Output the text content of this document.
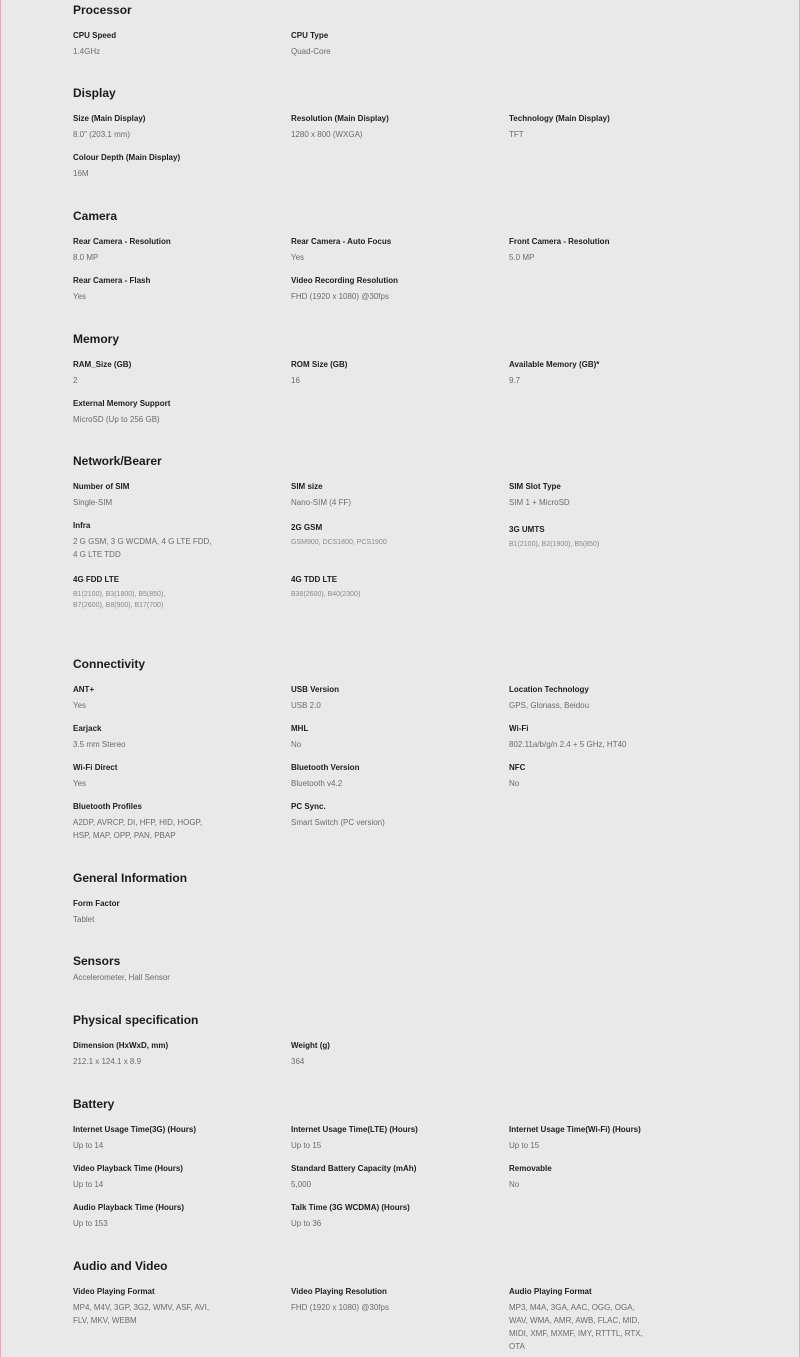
Processor
CPU Speed
1.4GHz
CPU Type
Quad-Core
Display
Size (Main Display)
8.0" (203.1 mm)
Resolution (Main Display)
1280 x 800 (WXGA)
Technology (Main Display)
TFT
Colour Depth (Main Display)
16M
Camera
Rear Camera - Resolution
8.0 MP
Rear Camera - Auto Focus
Yes
Front Camera - Resolution
5.0 MP
Rear Camera - Flash
Yes
Video Recording Resolution
FHD (1920 x 1080) @30fps
Memory
RAM_Size (GB)
2
ROM Size (GB)
16
Available Memory (GB)*
9.7
External Memory Support
MicroSD (Up to 256 GB)
Network/Bearer
Number of SIM
Single-SIM
SIM size
Nano-SIM (4 FF)
SIM Slot Type
SIM 1 + MicroSD
Infra
2 G GSM, 3 G WCDMA, 4 G LTE FDD, 4 G LTE TDD
2G GSM
GSM900, DCS1800, PCS1900
3G UMTS
B1(2100), B2(1900), B5(850)
4G FDD LTE
B1(2100), B3(1800), B5(850), B7(2600), B8(900), B17(700)
4G TDD LTE
B38(2600), B40(2300)
Connectivity
ANT+
Yes
USB Version
USB 2.0
Location Technology
GPS, Glonass, Beidou
Earjack
3.5 mm Stereo
MHL
No
Wi-Fi
802.11a/b/g/n 2.4 + 5 GHz, HT40
Wi-Fi Direct
Yes
Bluetooth Version
Bluetooth v4.2
NFC
No
Bluetooth Profiles
A2DP, AVRCP, DI, HFP, HID, HOGP, HSP, MAP, OPP, PAN, PBAP
PC Sync.
Smart Switch (PC version)
General Information
Form Factor
Tablet
Sensors
Accelerometer, Hall Sensor
Physical specification
Dimension (HxWxD, mm)
212.1 x 124.1 x 8.9
Weight (g)
364
Battery
Internet Usage Time(3G) (Hours)
Up to 14
Internet Usage Time(LTE) (Hours)
Up to 15
Internet Usage Time(Wi-Fi) (Hours)
Up to 15
Video Playback Time (Hours)
Up to 14
Standard Battery Capacity (mAh)
5,000
Removable
No
Audio Playback Time (Hours)
Up to 153
Talk Time (3G WCDMA) (Hours)
Up to 36
Audio and Video
Video Playing Format
MP4, M4V, 3GP, 3G2, WMV, ASF, AVI, FLV, MKV, WEBM
Video Playing Resolution
FHD (1920 x 1080) @30fps
Audio Playing Format
MP3, M4A, 3GA, AAC, OGG, OGA, WAV, WMA, AMR, AWB, FLAC, MID, MIDI, XMF, MXMF, IMY, RTTTL, RTX, OTA
